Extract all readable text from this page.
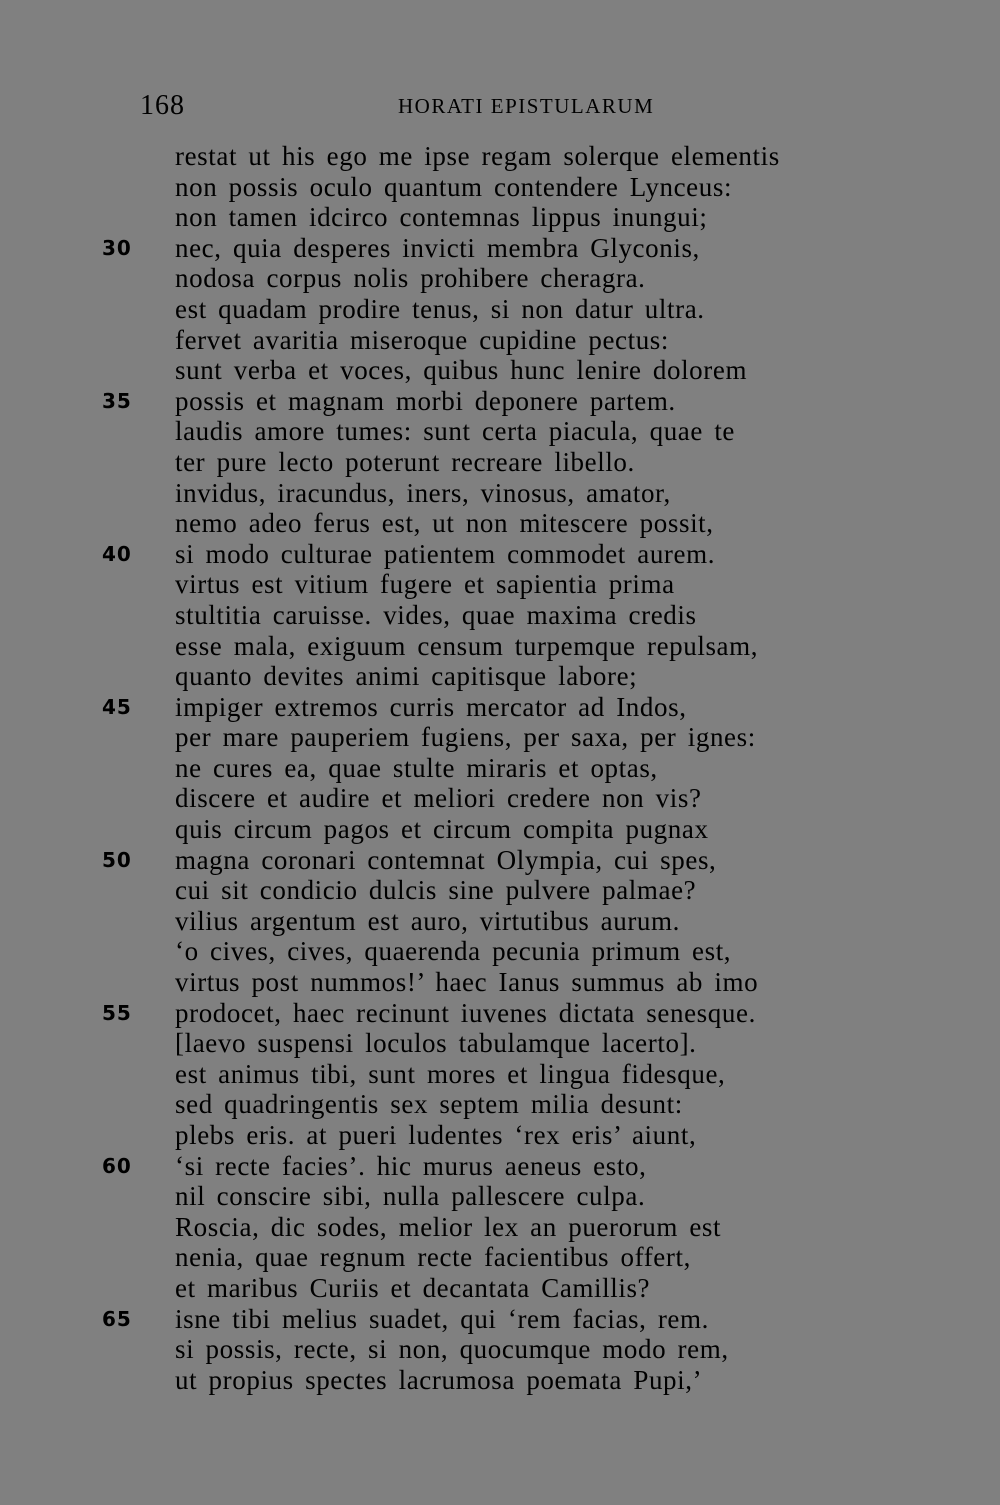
168	HORATI EPISTULARUM
restat ut his ego me ipse regam solerque elementis
non possis oculo quantum contendere Lynceus:
non tamen idcirco contemnas lippus inungui;
30 nec, quia desperes invicti membra Glyconis,
nodosa corpus nolis prohibere cheragra.
est quadam prodire tenus, si non datur ultra.
fervet avaritia miseroque cupidine pectus:
sunt verba et voces, quibus hunc lenire dolorem
35 possis et magnam morbi deponere partem.
laudis amore tumes: sunt certa piacula, quae te
ter pure lecto poterunt recreare libello.
invidus, iracundus, iners, vinosus, amator,
nemo adeo ferus est, ut non mitescere possit,
40 si modo culturae patientem commodet aurem.
virtus est vitium fugere et sapientia prima
stultitia caruisse. vides, quae maxima credis
esse mala, exiguum censum turpemque repulsam,
quanto devites animi capitisque labore;
45 impiger extremos curris mercator ad Indos,
per mare pauperiem fugiens, per saxa, per ignes:
ne cures ea, quae stulte miraris et optas,
discere et audire et meliori credere non vis?
quis circum pagos et circum compita pugnax
50 magna coronari contemnat Olympia, cui spes,
cui sit condicio dulcis sine pulvere palmae?
vilius argentum est auro, virtutibus aurum.
‘o cives, cives, quaerenda pecunia primum est,
virtus post nummos!’ haec Ianus summus ab imo
55 prodocet, haec recinunt iuvenes dictata senesque.
[laevo suspensi loculos tabulamque lacerto].
est animus tibi, sunt mores et lingua fidesque,
sed quadringentis sex septem milia desunt:
plebs eris. at pueri ludentes ‘rex eris’ aiunt,
60 ‘si recte facies’. hic murus aeneus esto,
nil conscire sibi, nulla pallescere culpa.
Roscia, dic sodes, melior lex an puerorum est
nenia, quae regnum recte facientibus offert,
et maribus Curiis et decantata Camillis?
65 isne tibi melius suadet, qui ‘rem facias, rem.
si possis, recte, si non, quocumque modo rem,
ut propius spectes lacrumosa poemata Pupi,’
